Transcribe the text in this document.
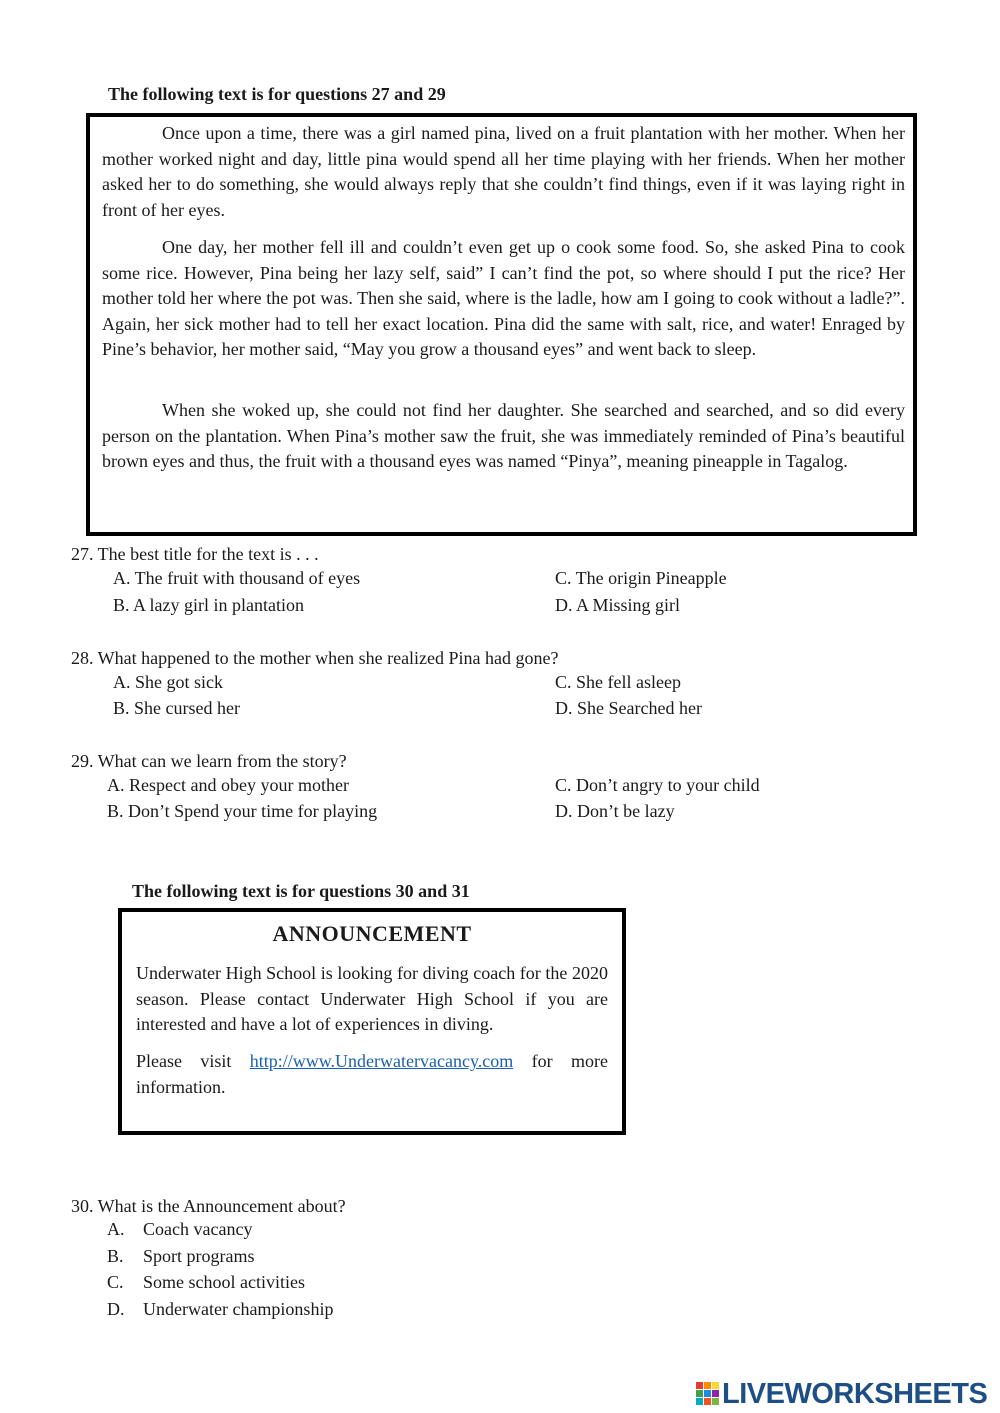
The following text is for questions 27 and 29

Once upon a time, there was a girl named pina, lived on a fruit plantation with her mother. When her mother worked night and day, little pina would spend all her time playing with her friends. When her mother asked her to do something, she would always reply that she couldn’t find things, even if it was laying right in front of her eyes.

One day, her mother fell ill and couldn’t even get up o cook some food. So, she asked Pina to cook some rice. However, Pina being her lazy self, said” I can’t find the pot, so where should I put the rice? Her mother told her where the pot was. Then she said, where is the ladle, how am I going to cook without a ladle?”. Again, her sick mother had to tell her exact location. Pina did the same with salt, rice, and water! Enraged by Pine’s behavior, her mother said, “May you grow a thousand eyes” and went back to sleep.

When she woked up, she could not find her daughter. She searched and searched, and so did every person on the plantation. When Pina’s mother saw the fruit, she was immediately reminded of Pina’s beautiful brown eyes and thus, the fruit with a thousand eyes was named “Pinya”, meaning pineapple in Tagalog.

27. The best title for the text is . . .
A. The fruit with thousand of eyes	C. The origin Pineapple
B. A lazy girl in plantation	D. A Missing girl
28. What happened to the mother when she realized Pina had gone?
A. She got sick	C. She fell asleep
B. She cursed her	D. She Searched her
29. What can we learn from the story?
A. Respect and obey your mother	C. Don’t angry to your child
B. Don’t Spend your time for playing	D. Don’t be lazy
The following text is for questions 30 and 31
ANNOUNCEMENT

Underwater High School is looking for diving coach for the 2020 season. Please contact Underwater High School if you are interested and have a lot of experiences in diving.

Please visit http://www.Underwatervacancy.com for more information.

30. What is the Announcement about?
A. Coach vacancy
B. Sport programs
C. Some school activities
D. Underwater championship
LIVEWORKSHEETS
